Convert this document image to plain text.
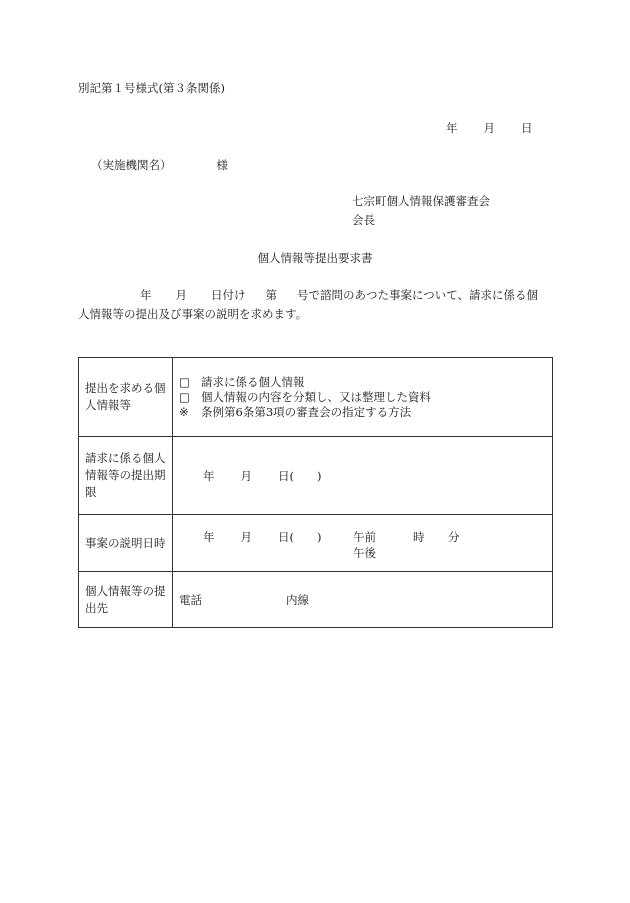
別記第１号様式(第３条関係)
年 月 日
（実施機関名）	様
七宗町個人情報保護審査会
会長
個人情報等提出要求書
年 月 日付け 第 号で諮問のあつた事案について、請求に係る個
人情報等の提出及び事案の説明を求めます。
提出を求める個人情報等	□ 請求に係る個人情報
□ 個人情報の内容を分類し、又は整理した資料
※ 条例第6条第3項の審査会の指定する方法

請求に係る個人情報等の提出期限	年 月 日(　　)
事案の説明日時	年 月 日(　　) 午前
午後
時 分

個人情報等の提出先	電話 内線
